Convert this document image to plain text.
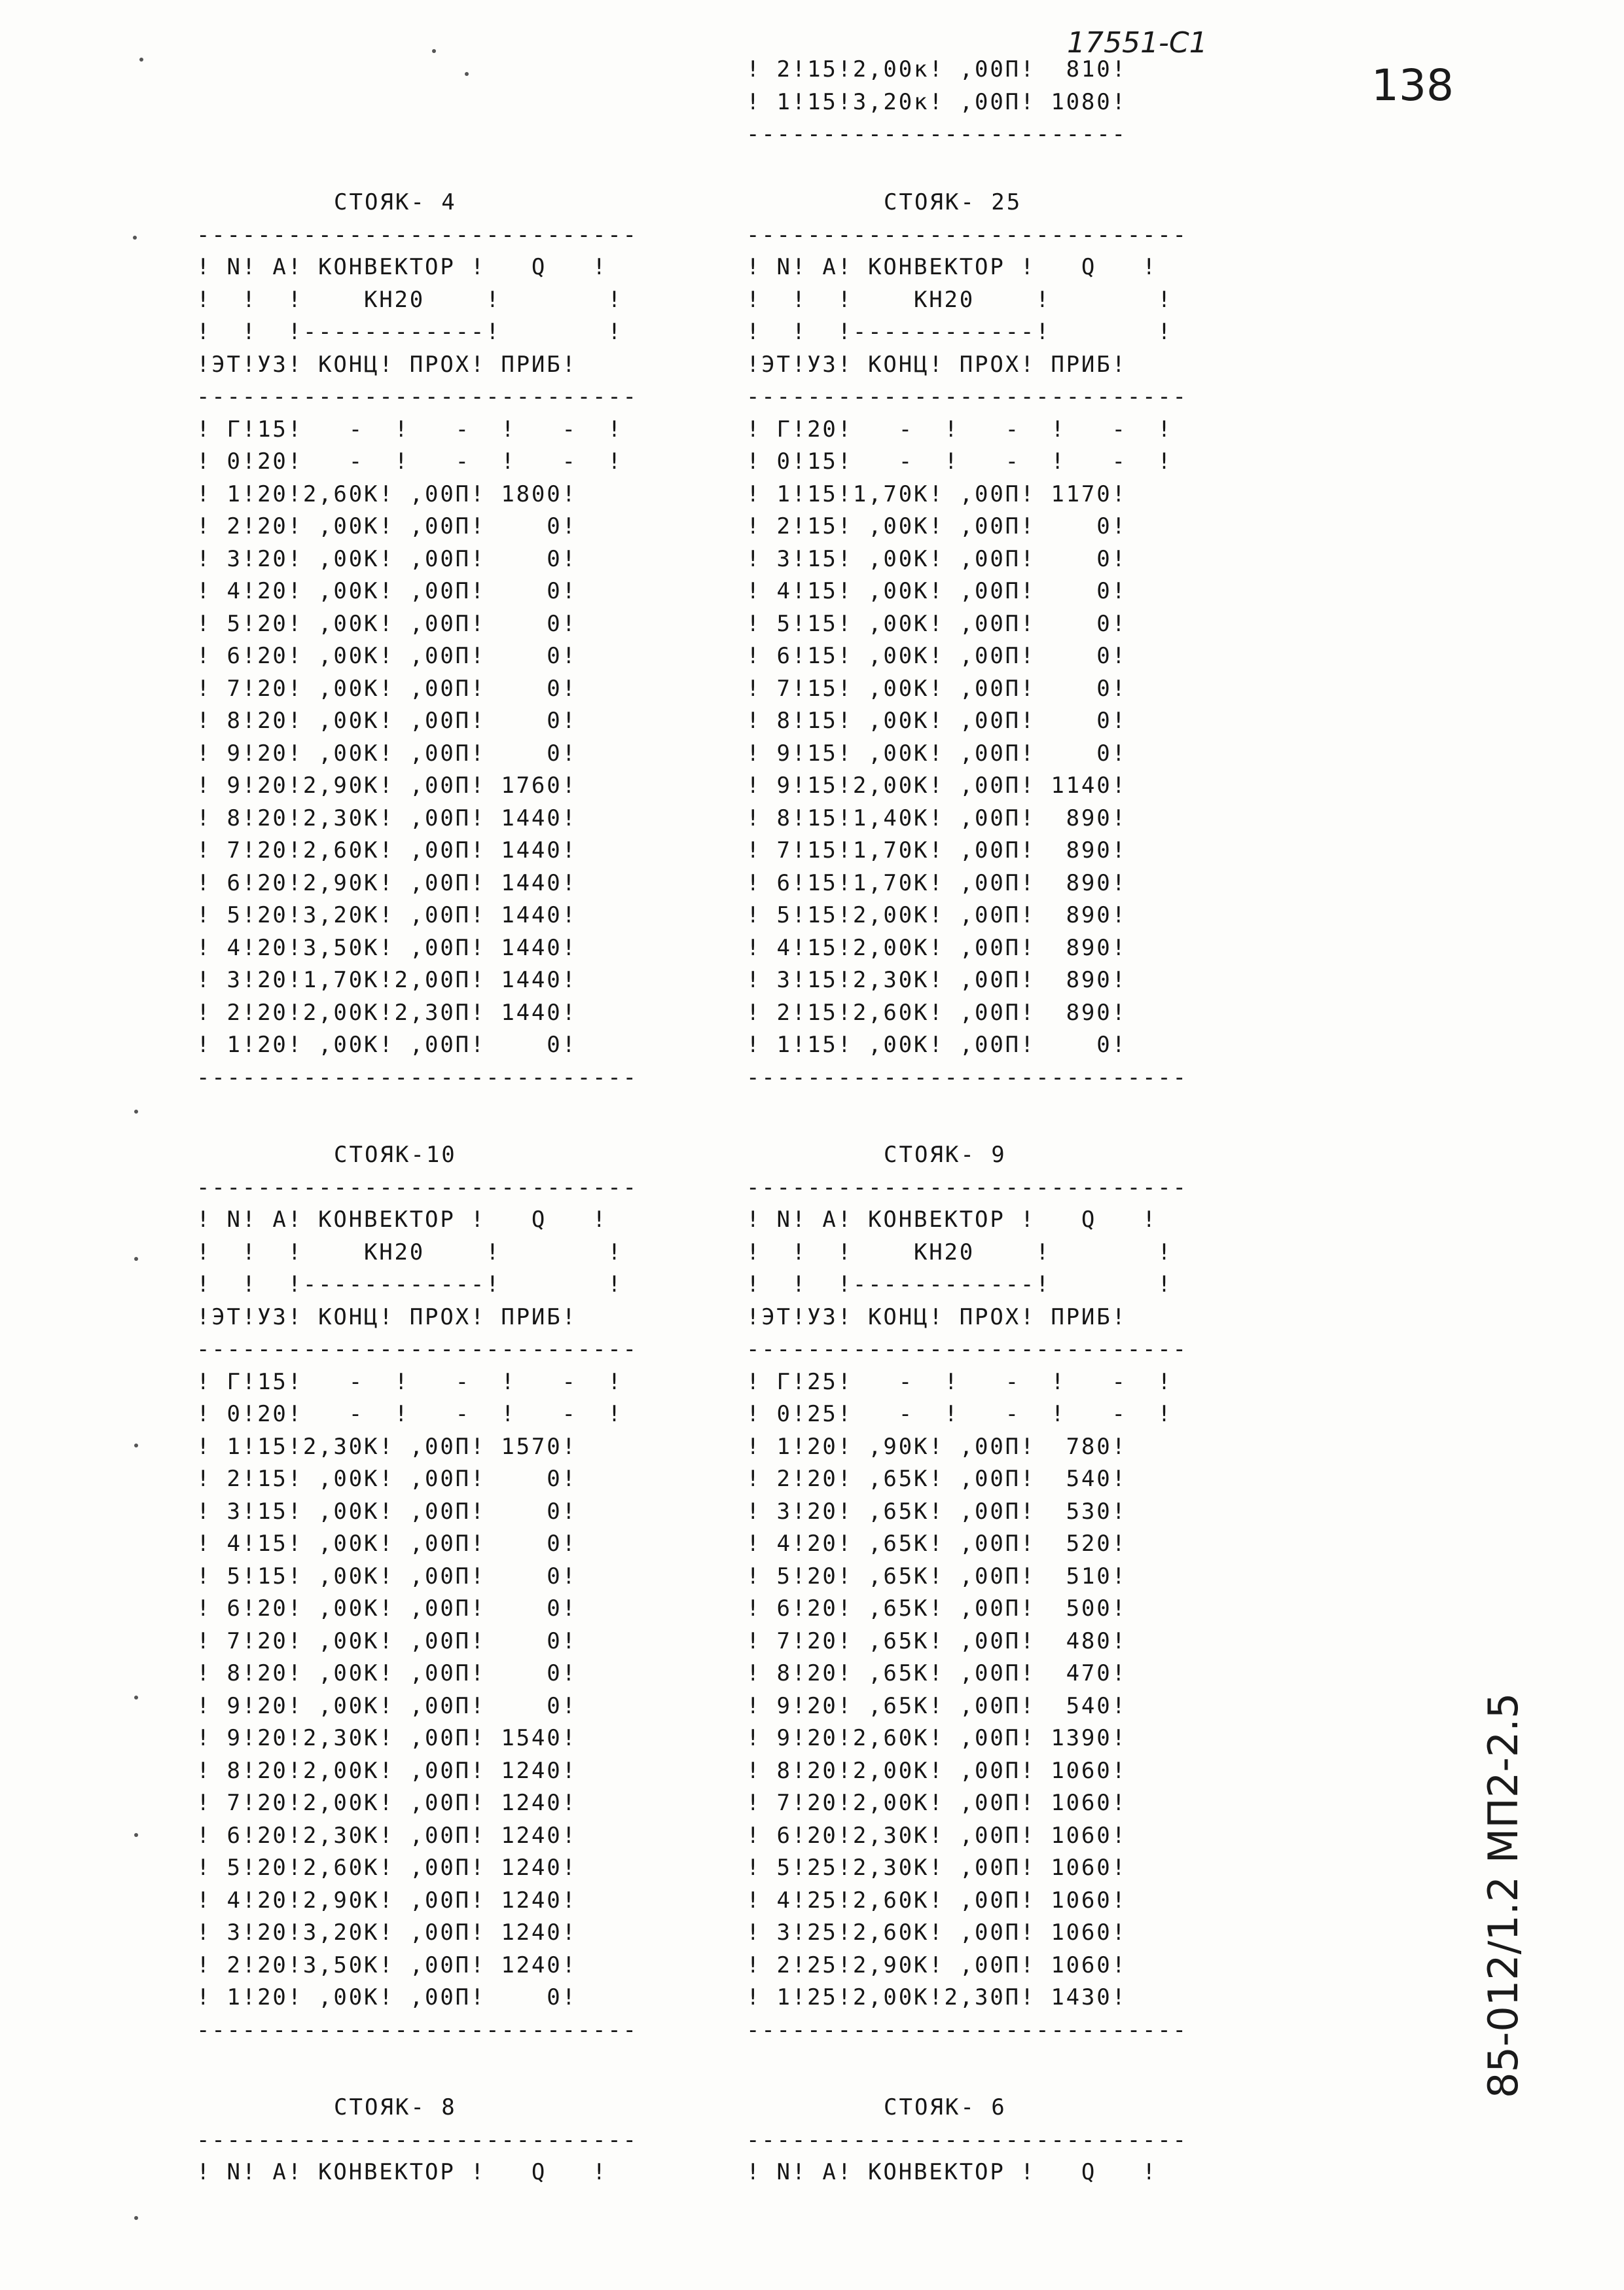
17551-С1
138
85-012/1.2 МП2-2.5
! 2!15!2,00к! ,00П!  810!
! 1!15!3,20к! ,00П! 1080!
-------------------------
СТОЯК- 4
-----------------------------
! N! А! КОНВЕКТОР !   Q   !
!  !  !    КН20    !       !
!  !  !------------!       !
!ЭТ!УЗ! КОНЦ! ПРОХ! ПРИБ!
-----------------------------
! Г!15!   -  !   -  !   -  !
! 0!20!   -  !   -  !   -  !
! 1!20!2,60К! ,00П! 1800!
! 2!20! ,00К! ,00П!    0!
! 3!20! ,00К! ,00П!    0!
! 4!20! ,00К! ,00П!    0!
! 5!20! ,00К! ,00П!    0!
! 6!20! ,00К! ,00П!    0!
! 7!20! ,00К! ,00П!    0!
! 8!20! ,00К! ,00П!    0!
! 9!20! ,00К! ,00П!    0!
! 9!20!2,90К! ,00П! 1760!
! 8!20!2,30К! ,00П! 1440!
! 7!20!2,60К! ,00П! 1440!
! 6!20!2,90К! ,00П! 1440!
! 5!20!3,20К! ,00П! 1440!
! 4!20!3,50К! ,00П! 1440!
! 3!20!1,70К!2,00П! 1440!
! 2!20!2,00К!2,30П! 1440!
! 1!20! ,00К! ,00П!    0!
-----------------------------
СТОЯК- 25
-----------------------------
! N! А! КОНВЕКТОР !   Q   !
!  !  !    КН20    !       !
!  !  !------------!       !
!ЭТ!УЗ! КОНЦ! ПРОХ! ПРИБ!
-----------------------------
! Г!20!   -  !   -  !   -  !
! 0!15!   -  !   -  !   -  !
! 1!15!1,70К! ,00П! 1170!
! 2!15! ,00К! ,00П!    0!
! 3!15! ,00К! ,00П!    0!
! 4!15! ,00К! ,00П!    0!
! 5!15! ,00К! ,00П!    0!
! 6!15! ,00К! ,00П!    0!
! 7!15! ,00К! ,00П!    0!
! 8!15! ,00К! ,00П!    0!
! 9!15! ,00К! ,00П!    0!
! 9!15!2,00К! ,00П! 1140!
! 8!15!1,40К! ,00П!  890!
! 7!15!1,70К! ,00П!  890!
! 6!15!1,70К! ,00П!  890!
! 5!15!2,00К! ,00П!  890!
! 4!15!2,00К! ,00П!  890!
! 3!15!2,30К! ,00П!  890!
! 2!15!2,60К! ,00П!  890!
! 1!15! ,00К! ,00П!    0!
-----------------------------
СТОЯК-10
-----------------------------
! N! А! КОНВЕКТОР !   Q   !
!  !  !    КН20    !       !
!  !  !------------!       !
!ЭТ!УЗ! КОНЦ! ПРОХ! ПРИБ!
-----------------------------
! Г!15!   -  !   -  !   -  !
! 0!20!   -  !   -  !   -  !
! 1!15!2,30К! ,00П! 1570!
! 2!15! ,00К! ,00П!    0!
! 3!15! ,00К! ,00П!    0!
! 4!15! ,00К! ,00П!    0!
! 5!15! ,00К! ,00П!    0!
! 6!20! ,00К! ,00П!    0!
! 7!20! ,00К! ,00П!    0!
! 8!20! ,00К! ,00П!    0!
! 9!20! ,00К! ,00П!    0!
! 9!20!2,30К! ,00П! 1540!
! 8!20!2,00К! ,00П! 1240!
! 7!20!2,00К! ,00П! 1240!
! 6!20!2,30К! ,00П! 1240!
! 5!20!2,60К! ,00П! 1240!
! 4!20!2,90К! ,00П! 1240!
! 3!20!3,20К! ,00П! 1240!
! 2!20!3,50К! ,00П! 1240!
! 1!20! ,00К! ,00П!    0!
-----------------------------
СТОЯК- 9
-----------------------------
! N! А! КОНВЕКТОР !   Q   !
!  !  !    КН20    !       !
!  !  !------------!       !
!ЭТ!УЗ! КОНЦ! ПРОХ! ПРИБ!
-----------------------------
! Г!25!   -  !   -  !   -  !
! 0!25!   -  !   -  !   -  !
! 1!20! ,90К! ,00П!  780!
! 2!20! ,65К! ,00П!  540!
! 3!20! ,65К! ,00П!  530!
! 4!20! ,65К! ,00П!  520!
! 5!20! ,65К! ,00П!  510!
! 6!20! ,65К! ,00П!  500!
! 7!20! ,65К! ,00П!  480!
! 8!20! ,65К! ,00П!  470!
! 9!20! ,65К! ,00П!  540!
! 9!20!2,60К! ,00П! 1390!
! 8!20!2,00К! ,00П! 1060!
! 7!20!2,00К! ,00П! 1060!
! 6!20!2,30К! ,00П! 1060!
! 5!25!2,30К! ,00П! 1060!
! 4!25!2,60К! ,00П! 1060!
! 3!25!2,60К! ,00П! 1060!
! 2!25!2,90К! ,00П! 1060!
! 1!25!2,00К!2,30П! 1430!
-----------------------------
СТОЯК- 8
-----------------------------
! N! А! КОНВЕКТОР !   Q   !
СТОЯК- 6
-----------------------------
! N! А! КОНВЕКТОР !   Q   !
